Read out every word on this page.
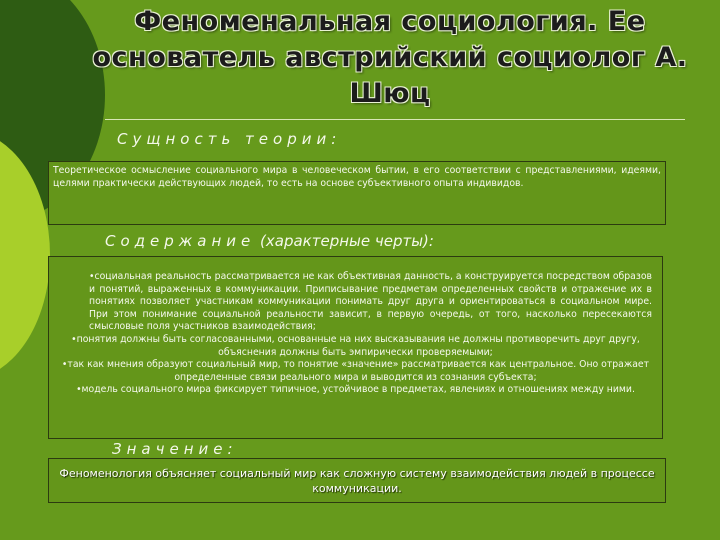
Феноменальная социология. Ее основатель австрийский социолог А. Шюц
Сущность теории:

Теоретическое осмысление социального мира в человеческом бытии, в его соответствии с представлениями, идеями, целями практически действующих людей, то есть на основе субъективного опыта индивидов.

Содержание (характерные черты):

•социальная реальность рассматривается не как объективная данность, а конструируется посредством образов и понятий, выраженных в коммуникации. Приписывание предметам определенных свойств и отражение их в понятиях позволяет участникам коммуникации понимать друг друга и ориентироваться в социальном мире. При этом понимание социальной реальности зависит, в первую очередь, от того, насколько пересекаются смысловые поля участников взаимодействия;

•понятия должны быть согласованными, основанные на них высказывания не должны противоречить друг другу, объяснения должны быть эмпирически проверяемыми;

•так как мнения образуют социальный мир, то понятие «значение» рассматривается как центральное. Оно отражает определенные связи реального мира и выводится из сознания субъекта;

•модель социального мира фиксирует типичное, устойчивое в предметах, явлениях и отношениях между ними.

Значение:

Феноменология объясняет социальный мир как сложную систему взаимодействия людей в процессе коммуникации.
